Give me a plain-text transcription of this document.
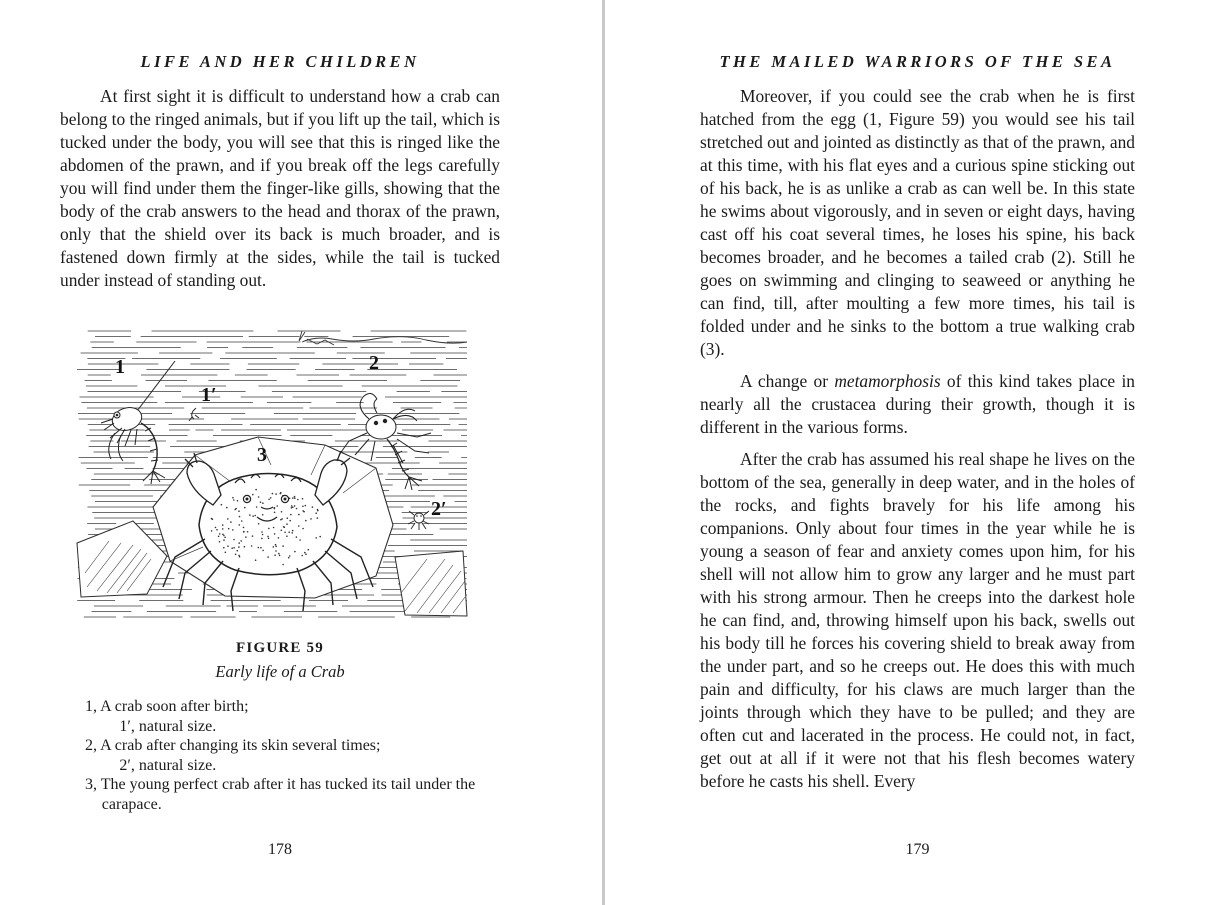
LIFE AND HER CHILDREN

At first sight it is difficult to understand how a crab can belong to the ringed animals, but if you lift up the tail, which is tucked under the body, you will see that this is ringed like the abdomen of the prawn, and if you break off the legs carefully you will find under them the finger-like gills, showing that the body of the crab answers to the head and thorax of the prawn, only that the shield over its back is much broader, and is fastened down firmly at the sides, while the tail is tucked under instead of standing out.

1
1′
2
2′
3
FIGURE 59
Early life of a Crab
1, A crab soon after birth;
1′, natural size.
2, A crab after changing its skin several times;
2′, natural size.
3, The young perfect crab after it has tucked its tail under the carapace.
178
THE MAILED WARRIORS OF THE SEA

Moreover, if you could see the crab when he is first hatched from the egg (1, Figure 59) you would see his tail stretched out and jointed as distinctly as that of the prawn, and at this time, with his flat eyes and a curious spine sticking out of his back, he is as unlike a crab as can well be. In this state he swims about vigorously, and in seven or eight days, having cast off his coat several times, he loses his spine, his back becomes broader, and he becomes a tailed crab (2). Still he goes on swimming and clinging to seaweed or anything he can find, till, after moulting a few more times, his tail is folded under and he sinks to the bottom a true walking crab (3).

A change or metamorphosis of this kind takes place in nearly all the crustacea during their growth, though it is different in the various forms.

After the crab has assumed his real shape he lives on the bottom of the sea, generally in deep water, and in the holes of the rocks, and fights bravely for his life among his companions. Only about four times in the year while he is young a season of fear and anxiety comes upon him, for his shell will not allow him to grow any larger and he must part with his strong armour. Then he creeps into the darkest hole he can find, and, throwing himself upon his back, swells out his body till he forces his covering shield to break away from the under part, and so he creeps out. He does this with much pain and difficulty, for his claws are much larger than the joints through which they have to be pulled; and they are often cut and lacerated in the process. He could not, in fact, get out at all if it were not that his flesh becomes watery before he casts his shell. Every

179
